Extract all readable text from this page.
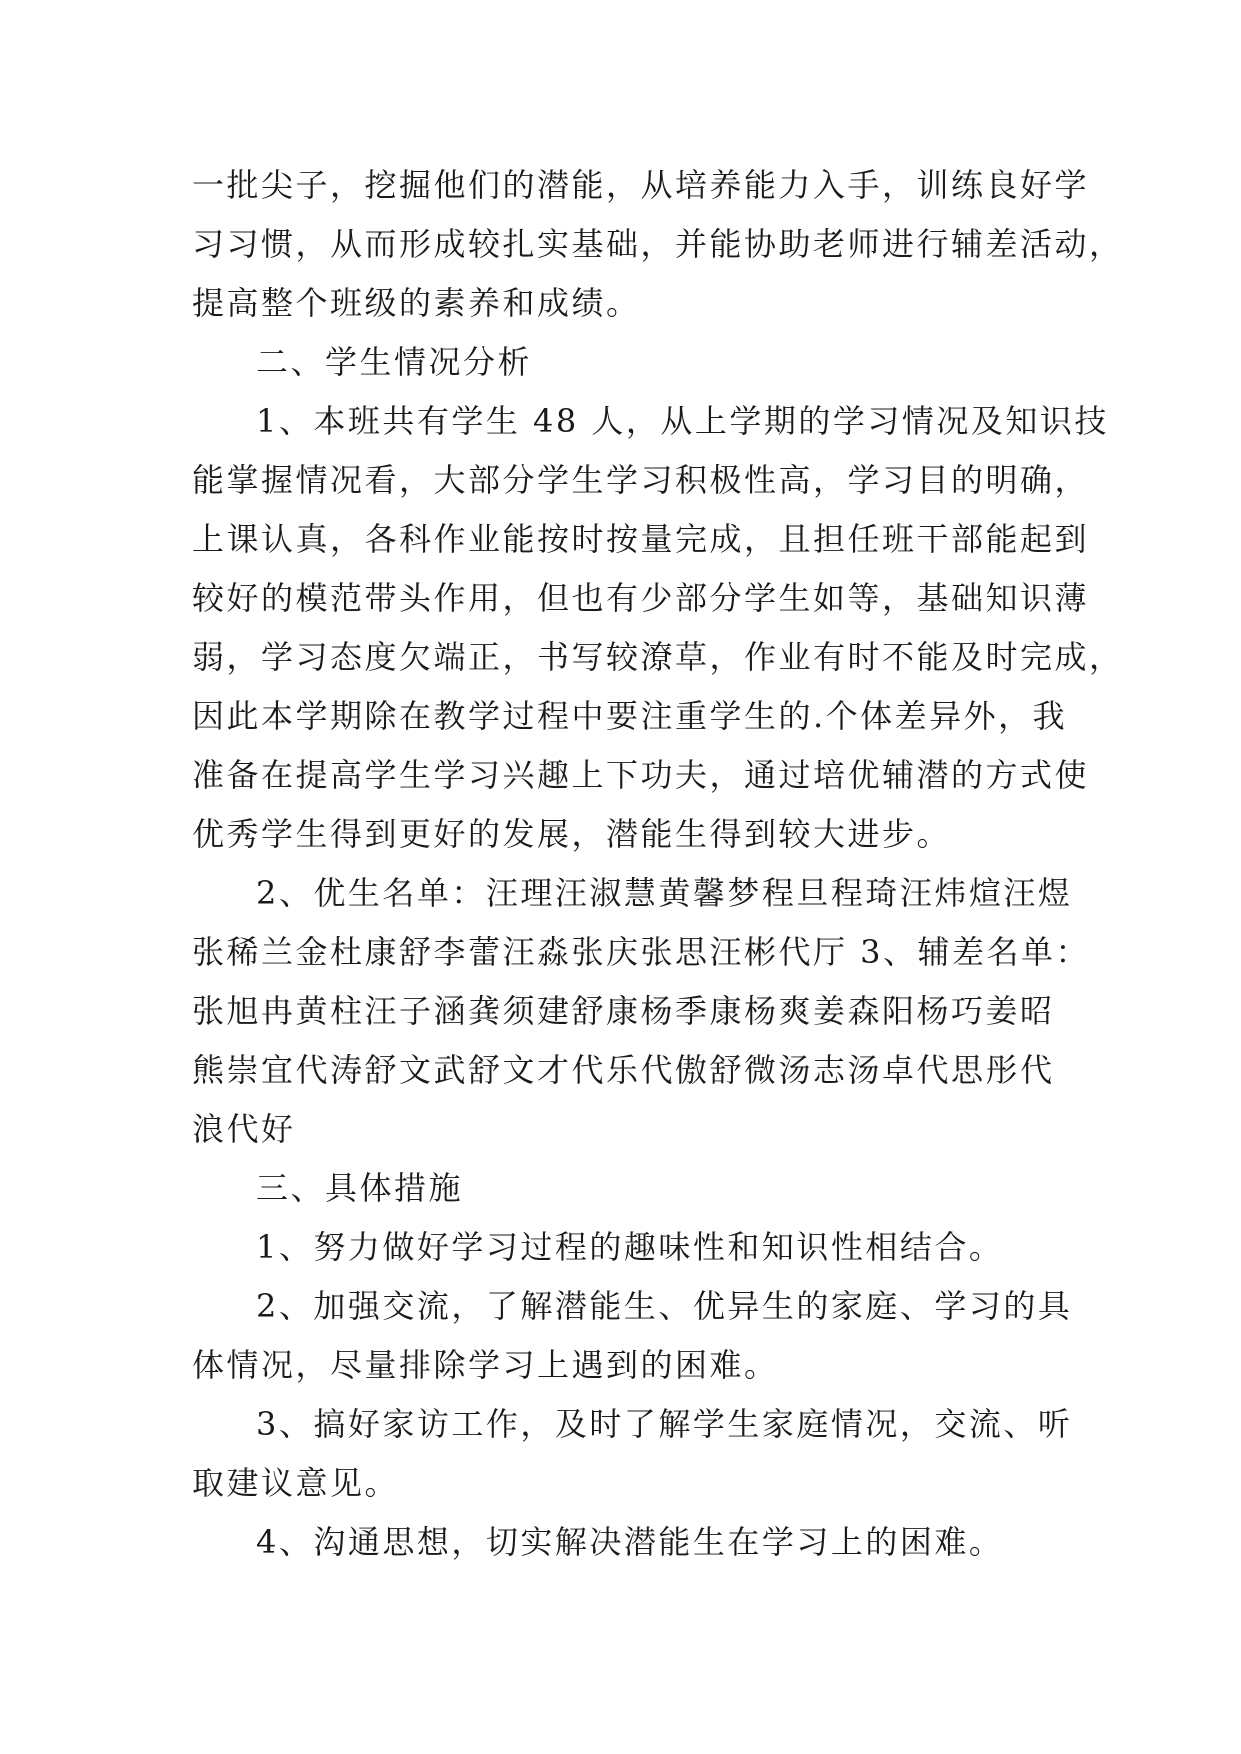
一批尖子，挖掘他们的潜能，从培养能力入手，训练良好学
习习惯，从而形成较扎实基础，并能协助老师进行辅差活动，
提高整个班级的素养和成绩。
二、学生情况分析
1、本班共有学生 48 人，从上学期的学习情况及知识技
能掌握情况看，大部分学生学习积极性高，学习目的明确，
上课认真，各科作业能按时按量完成，且担任班干部能起到
较好的模范带头作用，但也有少部分学生如等，基础知识薄
弱，学习态度欠端正，书写较潦草，作业有时不能及时完成，
因此本学期除在教学过程中要注重学生的.个体差异外，我
准备在提高学生学习兴趣上下功夫，通过培优辅潜的方式使
优秀学生得到更好的发展，潜能生得到较大进步。
2、优生名单：汪理汪淑慧黄馨梦程旦程琦汪炜煊汪煜
张稀兰金杜康舒李蕾汪淼张庆张思汪彬代厅 3、辅差名单：
张旭冉黄柱汪子涵龚须建舒康杨季康杨爽姜森阳杨巧姜昭
熊崇宜代涛舒文武舒文才代乐代傲舒微汤志汤卓代思彤代
浪代好
三、具体措施
1、努力做好学习过程的趣味性和知识性相结合。
2、加强交流，了解潜能生、优异生的家庭、学习的具
体情况，尽量排除学习上遇到的困难。
3、搞好家访工作，及时了解学生家庭情况，交流、听
取建议意见。
4、沟通思想，切实解决潜能生在学习上的困难。
